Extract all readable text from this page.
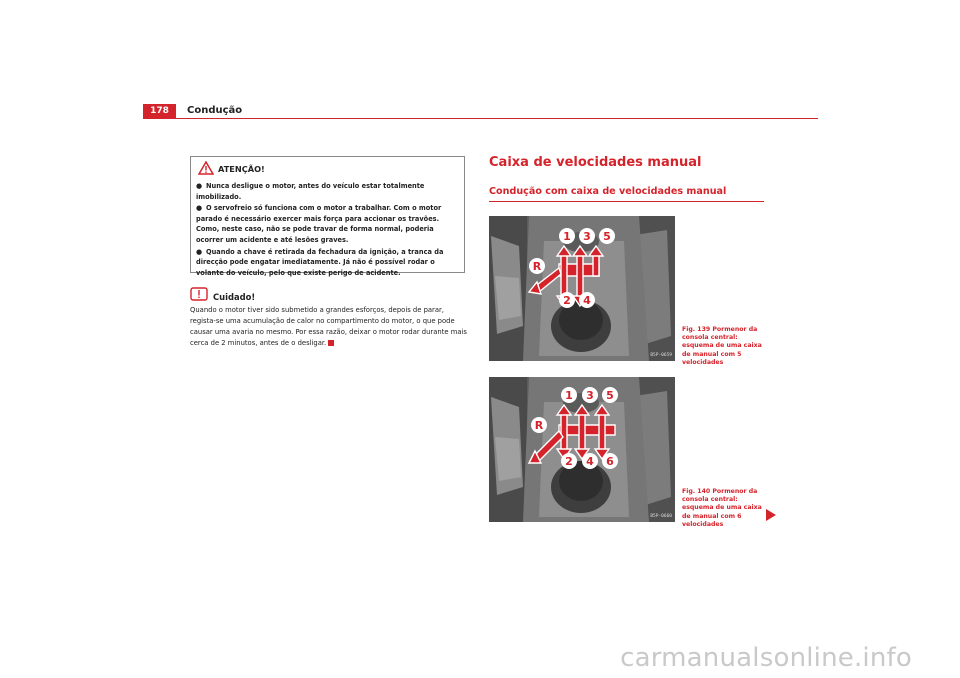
178	Condução
ATENÇÃO!
● Nunca desligue o motor, antes do veículo estar totalmente imobilizado.
● O servofreio só funciona com o motor a trabalhar. Com o motor parado é necessário exercer mais força para accionar os travões. Como, neste caso, não se pode travar de forma normal, poderia ocorrer um acidente e até lesões graves.
● Quando a chave é retirada da fechadura da ignição, a tranca da direcção pode engatar imediatamente. Já não é possível rodar o volante do veículo, pelo que existe perigo de acidente.
Cuidado!
Quando o motor tiver sido submetido a grandes esforços, depois de parar, regista-se uma acumulação de calor no compartimento do motor, o que pode causar uma avaria no mesmo. Por essa razão, deixar o motor rodar durante mais cerca de 2 minutos, antes de o desligar.
Caixa de velocidades manual
Condução com caixa de velocidades manual
1 3 5
R
2 4
B5P-0659
Fig. 139 Pormenor da consola central: esquema de uma caixa de manual com 5 velocidades
1 3 5
R
2 4 6
B5P-0660
Fig. 140 Pormenor da consola central: esquema de uma caixa de manual com 6 velocidades
carmanualsonline.info
